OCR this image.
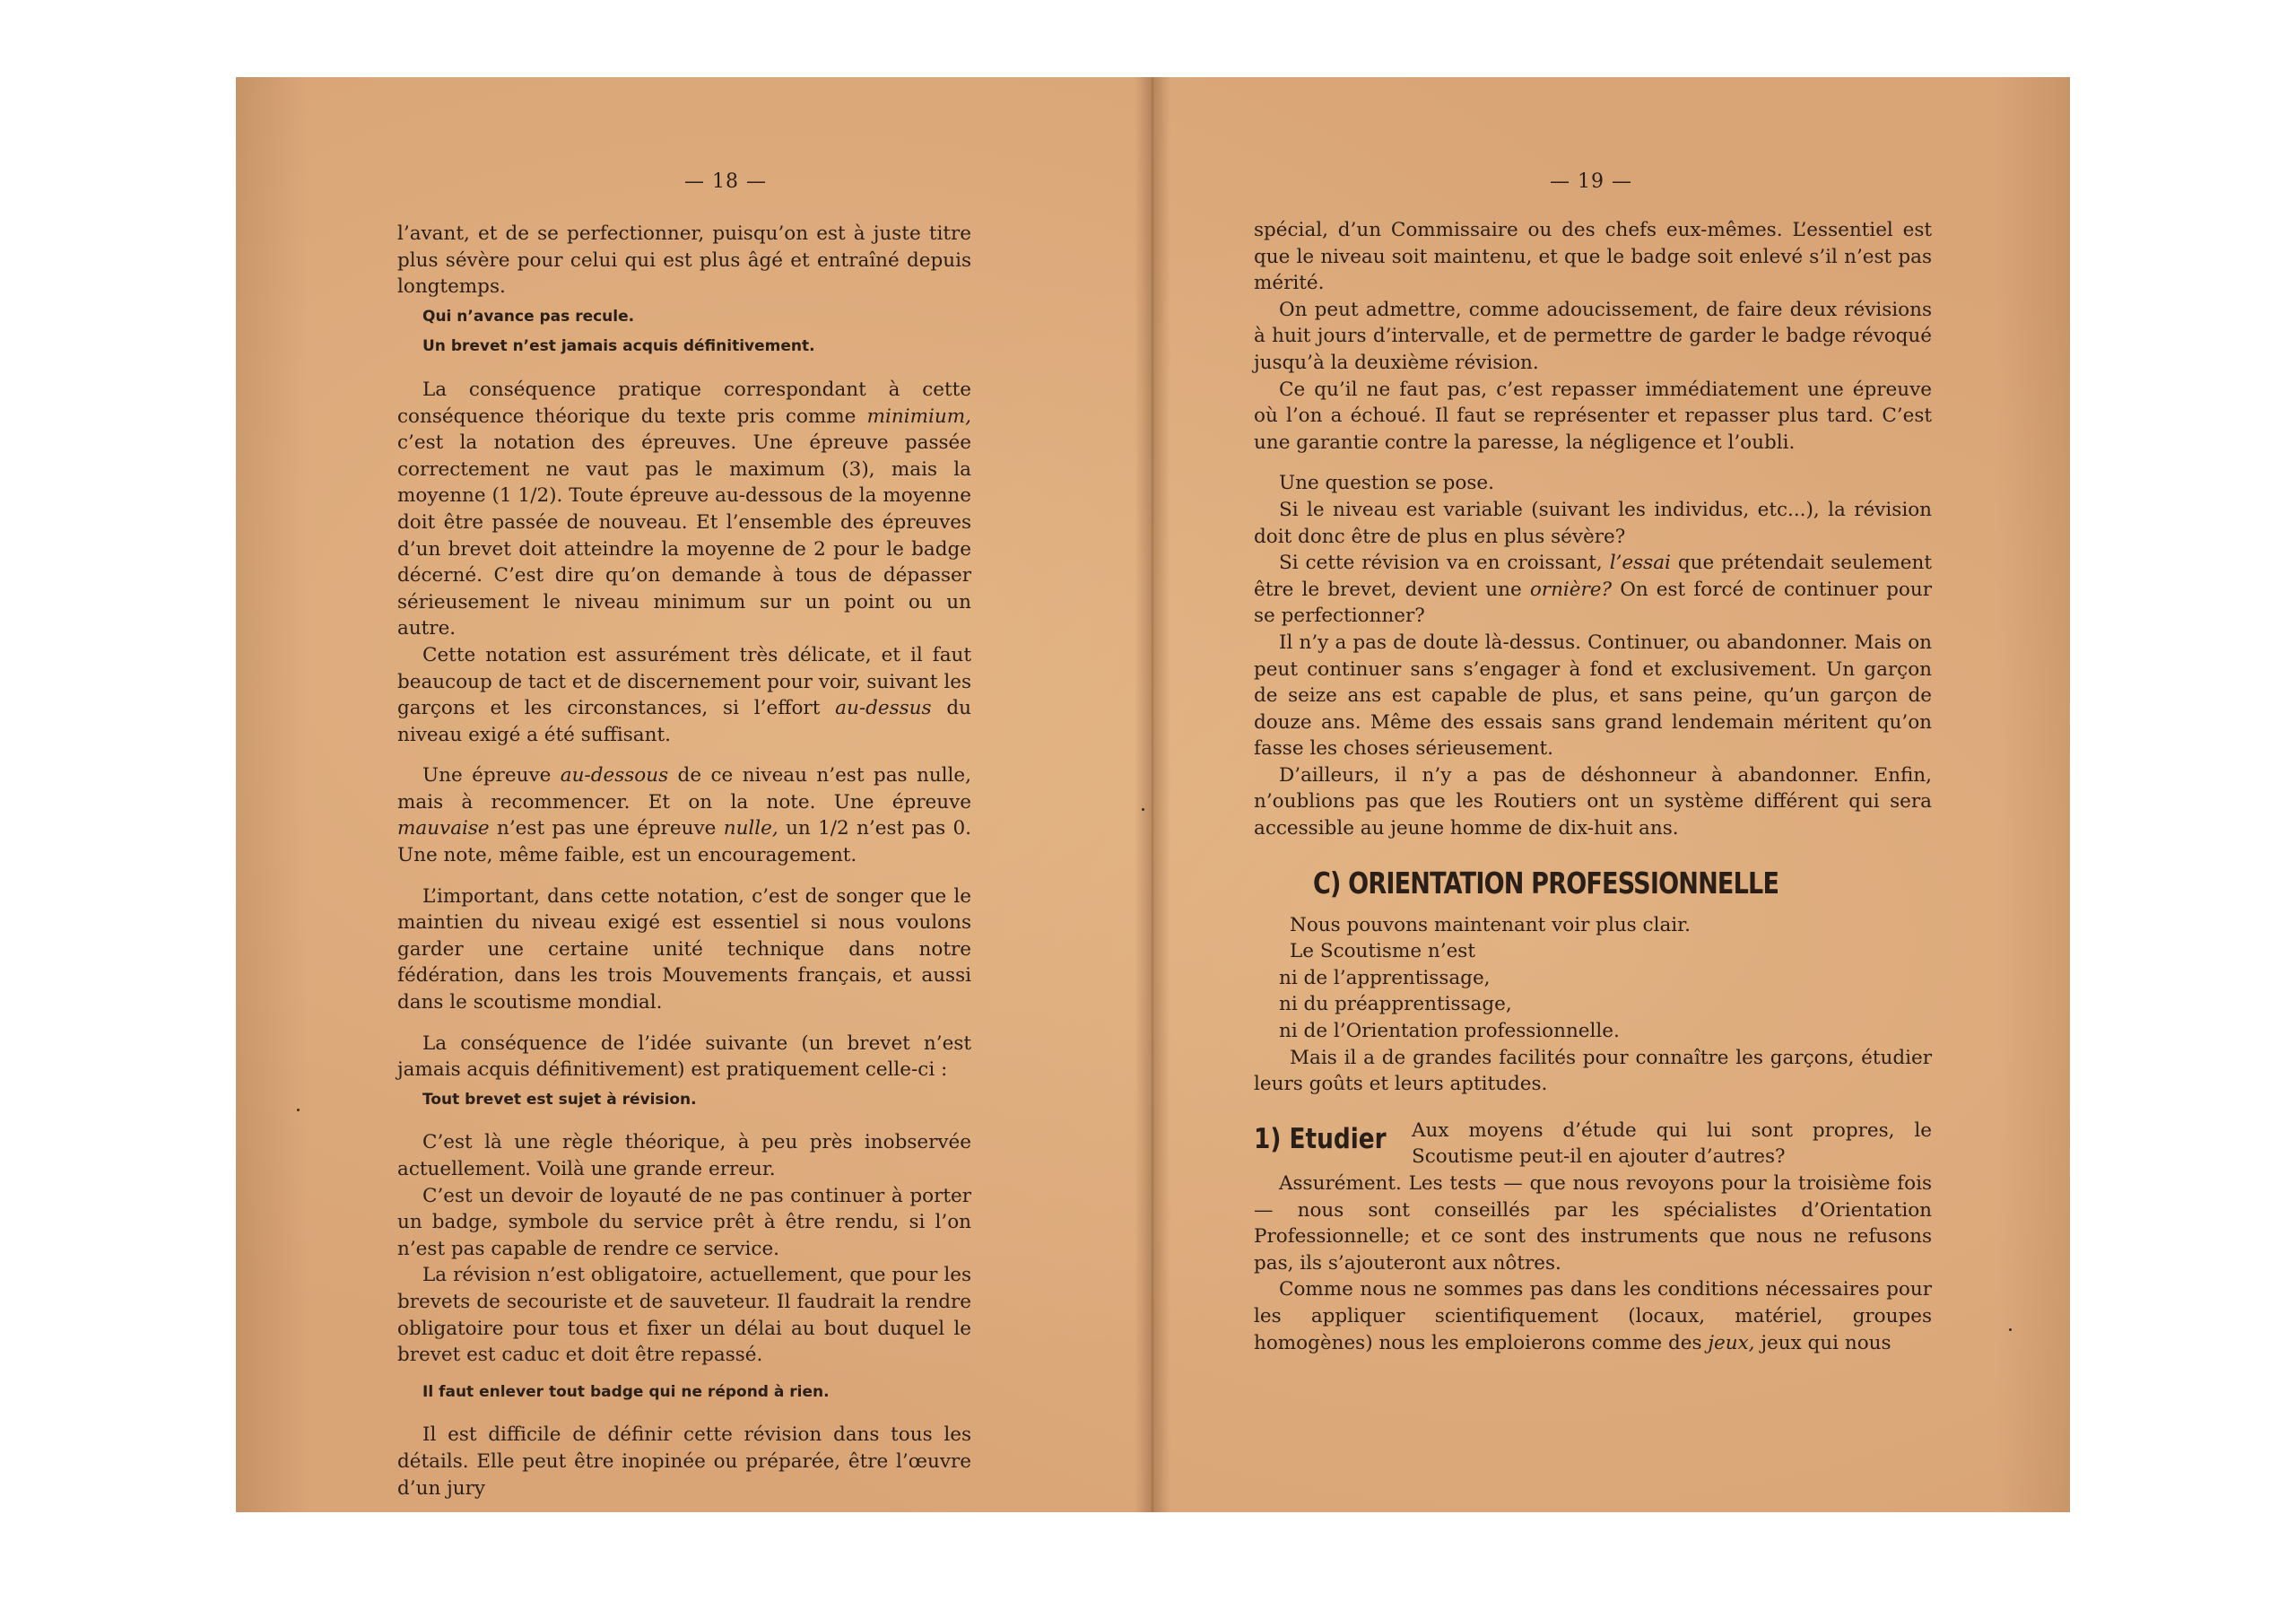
— 18 —

l’avant, et de se perfectionner, puisqu’on est à juste titre plus sévère pour celui qui est plus âgé et entraîné depuis longtemps.

Qui n’avance pas recule.

Un brevet n’est jamais acquis définitivement.

La conséquence pratique correspondant à cette conséquence théorique du texte pris comme minimium, c’est la notation des épreuves. Une épreuve passée correctement ne vaut pas le maximum (3), mais la moyenne (1 1/2). Toute épreuve au-dessous de la moyenne doit être passée de nouveau. Et l’ensemble des épreuves d’un brevet doit atteindre la moyenne de 2 pour le badge décerné. C’est dire qu’on demande à tous de dépasser sérieusement le niveau minimum sur un point ou un autre.

Cette notation est assurément très délicate, et il faut beaucoup de tact et de discernement pour voir, suivant les garçons et les circonstances, si l’effort au-dessus du niveau exigé a été suffisant.

Une épreuve au-dessous de ce niveau n’est pas nulle, mais à recommencer. Et on la note. Une épreuve mauvaise n’est pas une épreuve nulle, un 1/2 n’est pas 0. Une note, même faible, est un encouragement.

L’important, dans cette notation, c’est de songer que le maintien du niveau exigé est essentiel si nous voulons garder une certaine unité technique dans notre fédération, dans les trois Mouvements français, et aussi dans le scoutisme mondial.

La conséquence de l’idée suivante (un brevet n’est jamais acquis définitivement) est pratiquement celle-ci :

Tout brevet est sujet à révision.

C’est là une règle théorique, à peu près inobservée actuellement. Voilà une grande erreur.

C’est un devoir de loyauté de ne pas continuer à porter un badge, symbole du service prêt à être rendu, si l’on n’est pas capable de rendre ce service.

La révision n’est obligatoire, actuellement, que pour les brevets de secouriste et de sauveteur. Il faudrait la rendre obligatoire pour tous et fixer un délai au bout duquel le brevet est caduc et doit être repassé.

Il faut enlever tout badge qui ne répond à rien.

Il est difficile de définir cette révision dans tous les détails. Elle peut être inopinée ou préparée, être l’œuvre d’un jury

— 19 —

spécial, d’un Commissaire ou des chefs eux-mêmes. L’essentiel est que le niveau soit maintenu, et que le badge soit enlevé s’il n’est pas mérité.

On peut admettre, comme adoucissement, de faire deux révisions à huit jours d’intervalle, et de permettre de garder le badge révoqué jusqu’à la deuxième révision.

Ce qu’il ne faut pas, c’est repasser immédiatement une épreuve où l’on a échoué. Il faut se représenter et repasser plus tard. C’est une garantie contre la paresse, la négligence et l’oubli.

Une question se pose.

Si le niveau est variable (suivant les individus, etc...), la révision doit donc être de plus en plus sévère?

Si cette révision va en croissant, l’essai que prétendait seulement être le brevet, devient une ornière? On est forcé de continuer pour se perfectionner?

Il n’y a pas de doute là-dessus. Continuer, ou abandonner. Mais on peut continuer sans s’engager à fond et exclusivement. Un garçon de seize ans est capable de plus, et sans peine, qu’un garçon de douze ans. Même des essais sans grand lendemain méritent qu’on fasse les choses sérieusement.

D’ailleurs, il n’y a pas de déshonneur à abandonner. Enfin, n’oublions pas que les Routiers ont un système différent qui sera accessible au jeune homme de dix-huit ans.

C) ORIENTATION PROFESSIONNELLE

Nous pouvons maintenant voir plus clair.

Le Scoutisme n’est

ni de l’apprentissage,

ni du préapprentissage,

ni de l’Orientation professionnelle.

Mais il a de grandes facilités pour connaître les garçons, étudier leurs goûts et leurs aptitudes.

1) Etudier Aux moyens d’étude qui lui sont propres, le Scoutisme peut-il en ajouter d’autres?

Assurément. Les tests — que nous revoyons pour la troisième fois — nous sont conseillés par les spécialistes d’Orientation Professionnelle; et ce sont des instruments que nous ne refusons pas, ils s’ajouteront aux nôtres.

Comme nous ne sommes pas dans les conditions nécessaires pour les appliquer scientifiquement (locaux, matériel, groupes homogènes) nous les emploierons comme des jeux, jeux qui nous
